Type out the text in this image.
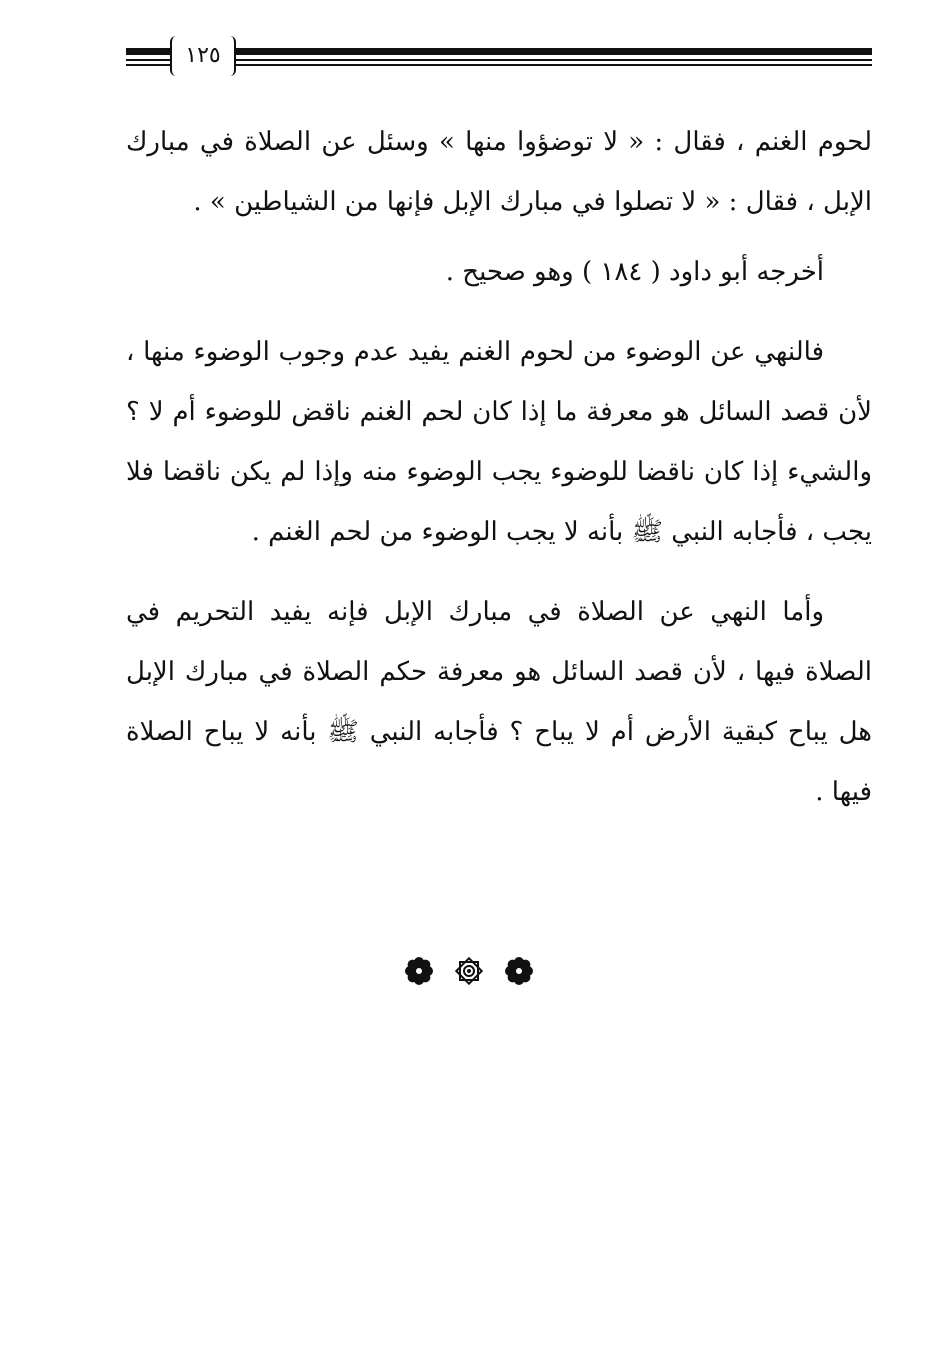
١٢٥

لحوم الغنم ، فقال : « لا توضؤوا منها » وسئل عن الصلاة في مبارك الإبل ، فقال : « لا تصلوا في مبارك الإبل فإنها من الشياطين » .

أخرجه أبو داود ( ١٨٤ ) وهو صحيح .

فالنهي عن الوضوء من لحوم الغنم يفيد عدم وجوب الوضوء منها ، لأن قصد السائل هو معرفة ما إذا كان لحم الغنم ناقض للوضوء أم لا ؟ والشيء إذا كان ناقضا للوضوء يجب الوضوء منه وإذا لم يكن ناقضا فلا يجب ، فأجابه النبي ﷺ بأنه لا يجب الوضوء من لحم الغنم .

وأما النهي عن الصلاة في مبارك الإبل فإنه يفيد التحريم في الصلاة فيها ، لأن قصد السائل هو معرفة حكم الصلاة في مبارك الإبل هل يباح كبقية الأرض أم لا يباح ؟ فأجابه النبي ﷺ بأنه لا يباح الصلاة فيها .
